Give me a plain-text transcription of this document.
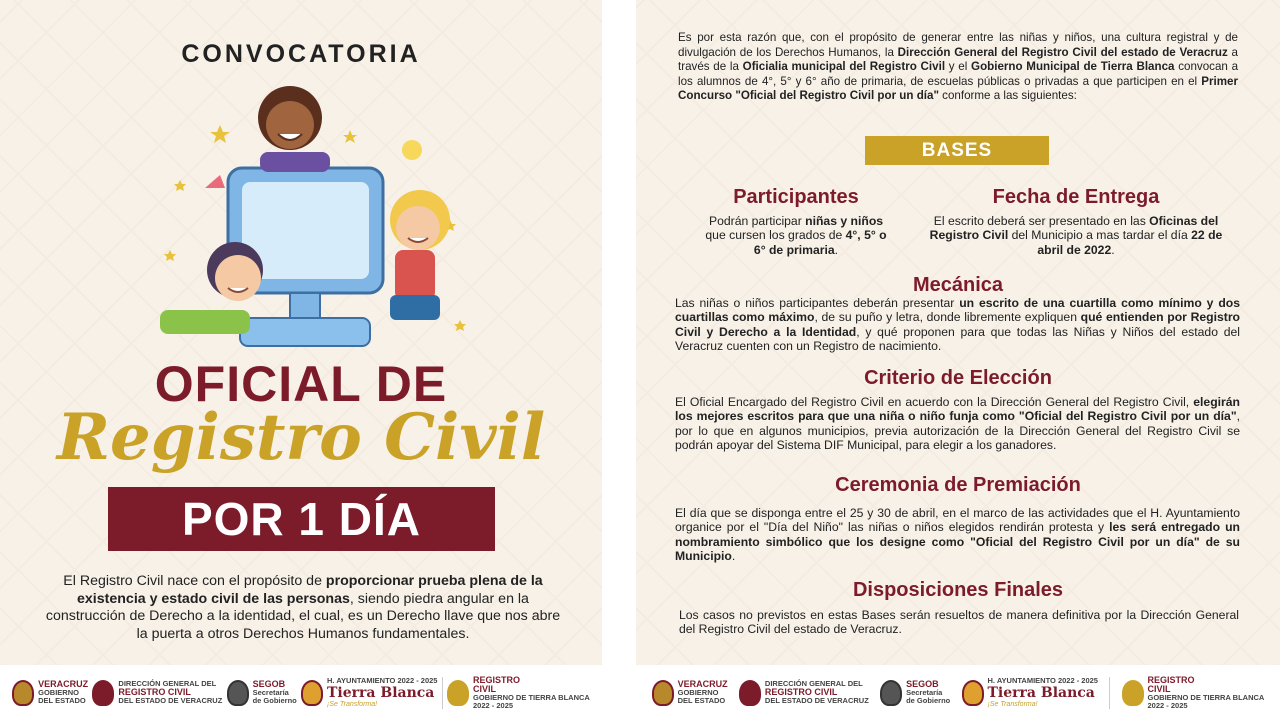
CONVOCATORIA
OFICIAL DE
Registro Civil
POR 1 DÍA

El Registro Civil nace con el propósito de proporcionar prueba plena de la existencia y estado civil de las personas, siendo piedra angular en la construcción de Derecho a la identidad, el cual, es un Derecho llave que nos abre la puerta a otros Derechos Humanos fundamentales.

VERACRUZ
GOBIERNO
DEL ESTADO
DIRECCIÓN GENERAL DEL
REGISTRO CIVIL
DEL ESTADO DE VERACRUZ
SEGOB
Secretaría
de Gobierno
H. AYUNTAMIENTO 2022 - 2025
Tierra Blanca
¡Se Transforma!
REGISTRO
CIVIL
GOBIERNO DE TIERRA BLANCA
2022 - 2025

Es por esta razón que, con el propósito de generar entre las niñas y niños, una cultura registral y de divulgación de los Derechos Humanos, la Dirección General del Registro Civil del estado de Veracruz a través de la Oficialia municipal del Registro Civil y el Gobierno Municipal de Tierra Blanca convocan a los alumnos de 4°, 5° y 6° año de primaria, de escuelas públicas o privadas a que participen en el Primer Concurso "Oficial del Registro Civil por un día" conforme a las siguientes:

BASES
Participantes

Podrán participar niñas y niños que cursen los grados de 4°, 5° o 6° de primaria.

Fecha de Entrega

El escrito deberá ser presentado en las Oficinas del Registro Civil del Municipio a mas tardar el día 22 de abril de 2022.

Mecánica

Las niñas o niños participantes deberán presentar un escrito de una cuartilla como mínimo y dos cuartillas como máximo, de su puño y letra, donde libremente expliquen qué entienden por Registro Civil y Derecho a la Identidad, y qué proponen para que todas las Niñas y Niños del estado del Veracruz cuenten con un Registro de nacimiento.

Criterio de Elección

El Oficial Encargado del Registro Civil en acuerdo con la Dirección General del Registro Civil, elegirán los mejores escritos para que una niña o niño funja como "Oficial del Registro Civil por un día", por lo que en algunos municipios, previa autorización de la Dirección General del Registro Civil se podrán apoyar del Sistema DIF Municipal, para elegir a los ganadores.

Ceremonia de Premiación

El día que se disponga entre el 25 y 30 de abril, en el marco de las actividades que el H. Ayuntamiento organice por el "Día del Niño" las niñas o niños elegidos rendirán protesta y les será entregado un nombramiento simbólico que los designe como "Oficial del Registro Civil por un día" de su Municipio.

Disposiciones Finales

Los casos no previstos en estas Bases serán resueltos de manera definitiva por la Dirección General del Registro Civil del estado de Veracruz.

VERACRUZ
GOBIERNO
DEL ESTADO
DIRECCIÓN GENERAL DEL
REGISTRO CIVIL
DEL ESTADO DE VERACRUZ
SEGOB
Secretaría
de Gobierno
H. AYUNTAMIENTO 2022 - 2025
Tierra Blanca
¡Se Transforma!
REGISTRO
CIVIL
GOBIERNO DE TIERRA BLANCA
2022 - 2025
